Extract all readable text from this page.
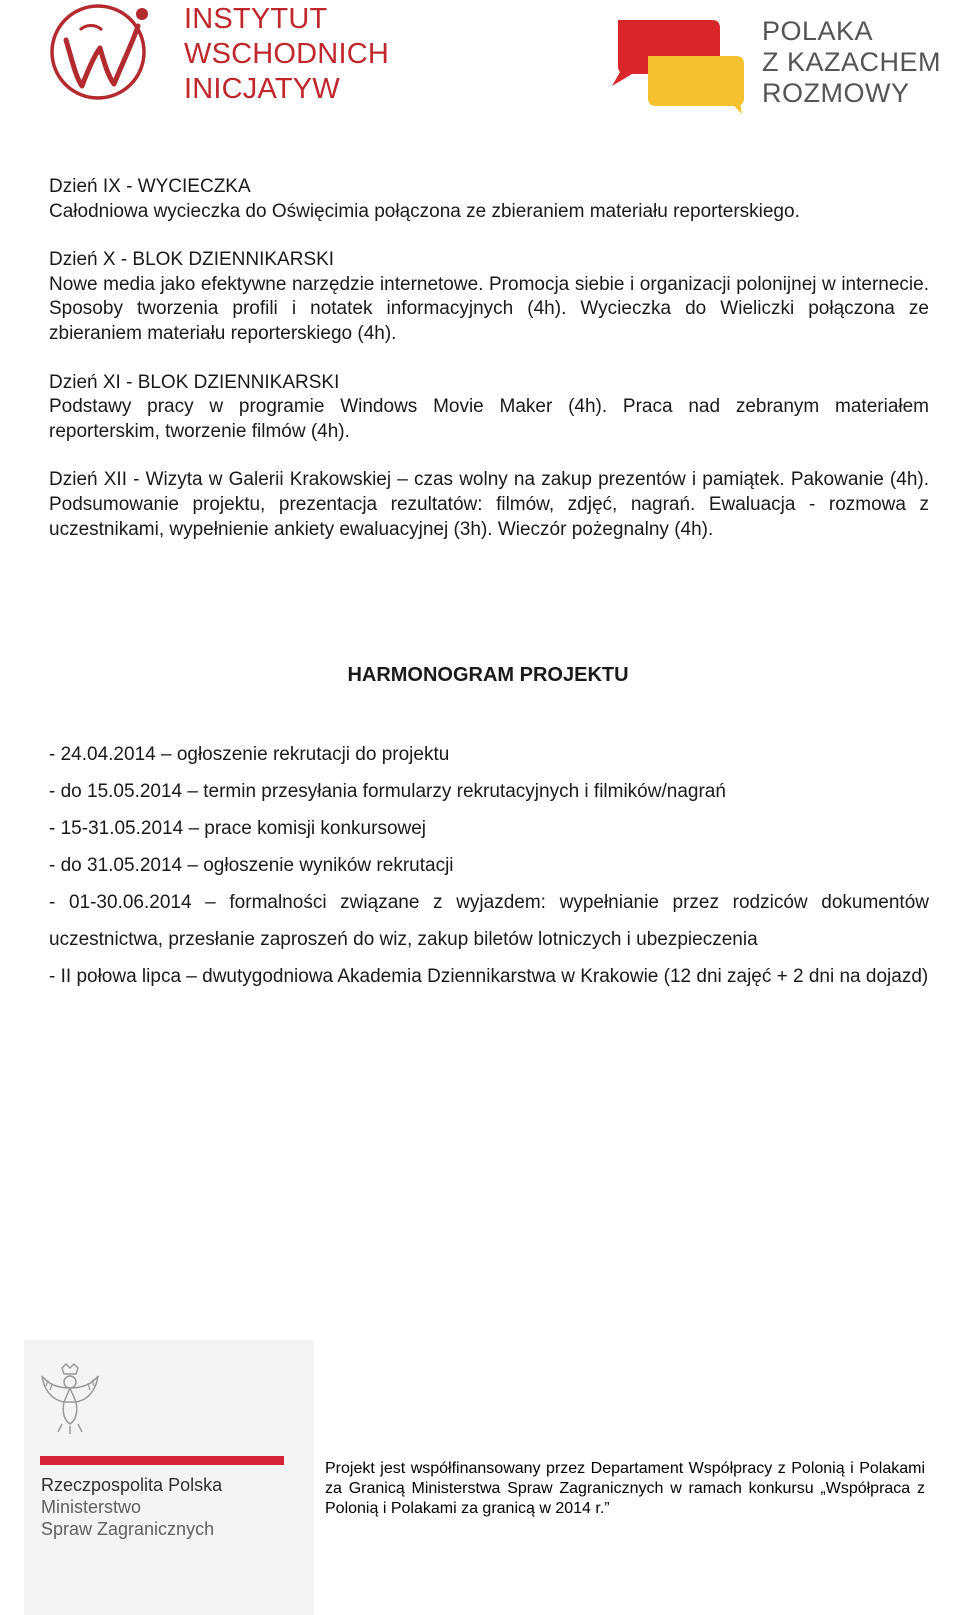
INSTYTUT
WSCHODNICH
INICJATYW
POLAKA
Z KAZACHEM
ROZMOWY

Dzień IX - WYCIECZKA

Całodniowa wycieczka do Oświęcimia połączona ze zbieraniem materiału reporterskiego.

Dzień X - BLOK DZIENNIKARSKI

Nowe media jako efektywne narzędzie internetowe. Promocja siebie i organizacji polonijnej w internecie. Sposoby tworzenia profili i notatek informacyjnych (4h). Wycieczka do Wieliczki połączona ze zbieraniem materiału reporterskiego (4h).

Dzień XI - BLOK DZIENNIKARSKI

Podstawy pracy w programie Windows Movie Maker (4h). Praca nad zebranym materiałem reporterskim, tworzenie filmów (4h).

Dzień XII - Wizyta w Galerii Krakowskiej – czas wolny na zakup prezentów i pamiątek. Pakowanie (4h). Podsumowanie projektu, prezentacja rezultatów: filmów, zdjęć, nagrań. Ewaluacja - rozmowa z uczestnikami, wypełnienie ankiety ewaluacyjnej (3h). Wieczór pożegnalny (4h).

HARMONOGRAM PROJEKTU

- 24.04.2014 – ogłoszenie rekrutacji do projektu

- do 15.05.2014 – termin przesyłania formularzy rekrutacyjnych i filmików/nagrań

- 15-31.05.2014 – prace komisji konkursowej

- do 31.05.2014 – ogłoszenie wyników rekrutacji

- 01-30.06.2014 – formalności związane z wyjazdem: wypełnianie przez rodziców dokumentów uczestnictwa, przesłanie zaproszeń do wiz, zakup biletów lotniczych i ubezpieczenia

- II połowa lipca – dwutygodniowa Akademia Dziennikarstwa w Krakowie (12 dni zajęć + 2 dni na dojazd)

Rzeczpospolita Polska
Ministerstwo
Spraw Zagranicznych
Projekt jest współfinansowany przez Departament Współpracy z Polonią i Polakami za Granicą Ministerstwa Spraw Zagranicznych w ramach konkursu „Współpraca z Polonią i Polakami za granicą w 2014 r.”
